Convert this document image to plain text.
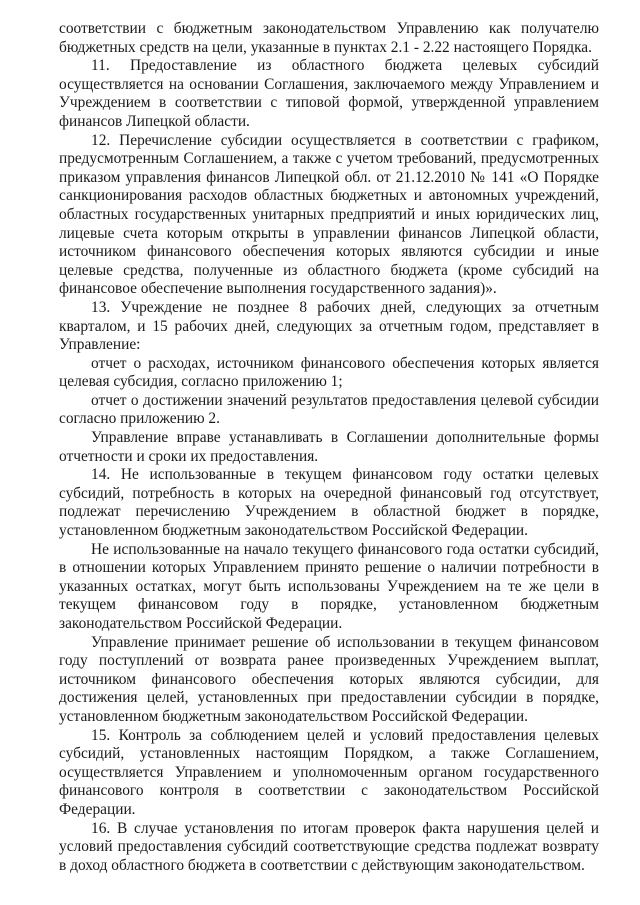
соответствии с бюджетным законодательством Управлению как получателю бюджетных средств на цели, указанные в пунктах 2.1 - 2.22 настоящего Порядка.

11. Предоставление из областного бюджета целевых субсидий осуществляется на основании Соглашения, заключаемого между Управлением и Учреждением в соответствии с типовой формой, утвержденной управлением финансов Липецкой области.

12. Перечисление субсидии осуществляется в соответствии с графиком, предусмотренным Соглашением, а также с учетом требований, предусмотренных приказом управления финансов Липецкой обл. от 21.12.2010 № 141 «О Порядке санкционирования расходов областных бюджетных и автономных учреждений, областных государственных унитарных предприятий и иных юридических лиц, лицевые счета которым открыты в управлении финансов Липецкой области, источником финансового обеспечения которых являются субсидии и иные целевые средства, полученные из областного бюджета (кроме субсидий на финансовое обеспечение выполнения государственного задания)».

13. Учреждение не позднее 8 рабочих дней, следующих за отчетным кварталом, и 15 рабочих дней, следующих за отчетным годом, представляет в Управление:

отчет о расходах, источником финансового обеспечения которых является целевая субсидия, согласно приложению 1;

отчет о достижении значений результатов предоставления целевой субсидии согласно приложению 2.

Управление вправе устанавливать в Соглашении дополнительные формы отчетности и сроки их предоставления.

14. Не использованные в текущем финансовом году остатки целевых субсидий, потребность в которых на очередной финансовый год отсутствует, подлежат перечислению Учреждением в областной бюджет в порядке, установленном бюджетным законодательством Российской Федерации.

Не использованные на начало текущего финансового года остатки субсидий, в отношении которых Управлением принято решение о наличии потребности в указанных остатках, могут быть использованы Учреждением на те же цели в текущем финансовом году в порядке, установленном бюджетным законодательством Российской Федерации.

Управление принимает решение об использовании в текущем финансовом году поступлений от возврата ранее произведенных Учреждением выплат, источником финансового обеспечения которых являются субсидии, для достижения целей, установленных при предоставлении субсидии в порядке, установленном бюджетным законодательством Российской Федерации.

15. Контроль за соблюдением целей и условий предоставления целевых субсидий, установленных настоящим Порядком, а также Соглашением, осуществляется Управлением и уполномоченным органом государственного финансового контроля в соответствии с законодательством Российской Федерации.

16. В случае установления по итогам проверок факта нарушения целей и условий предоставления субсидий соответствующие средства подлежат возврату в доход областного бюджета в соответствии с действующим законодательством.
